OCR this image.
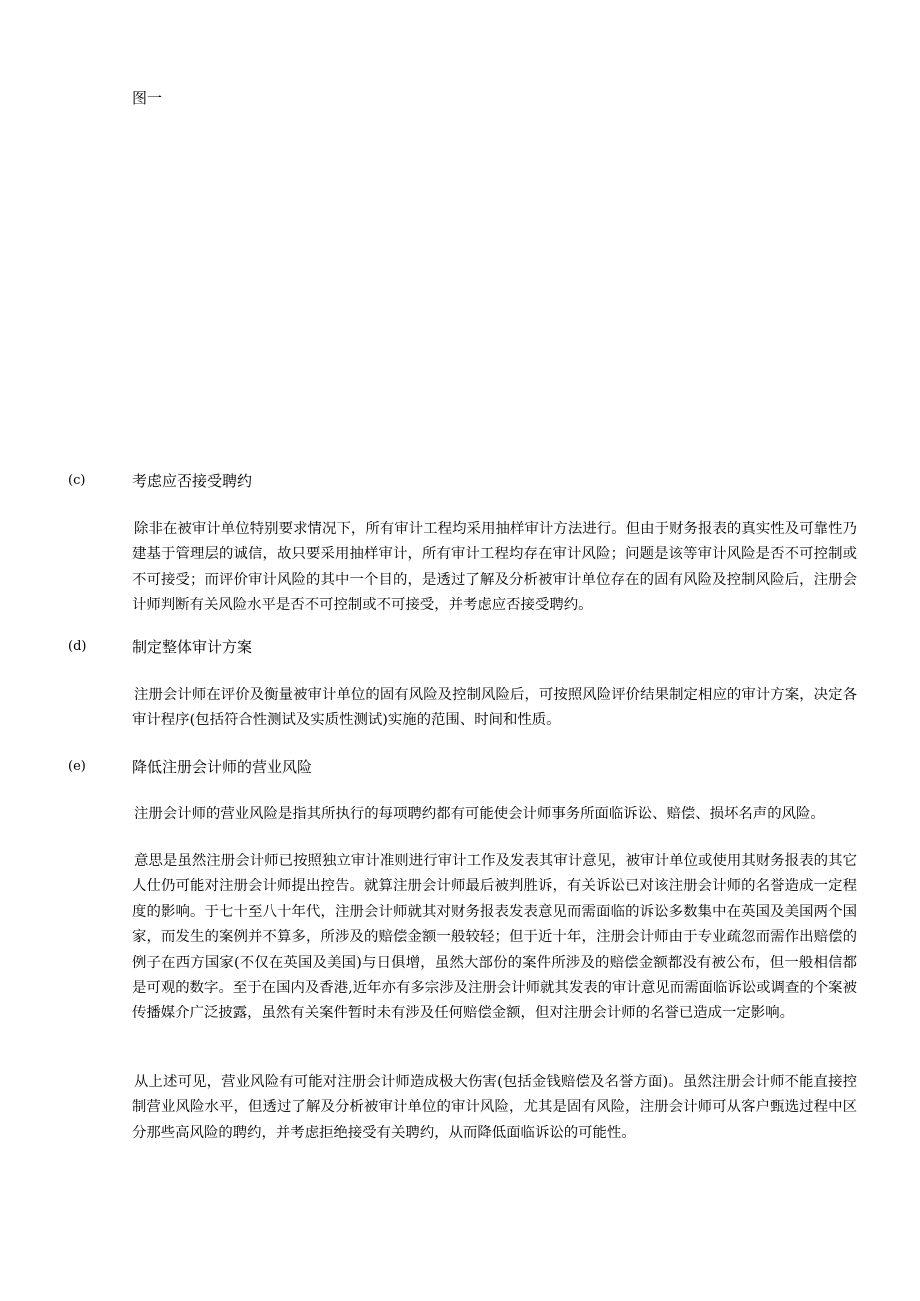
图一
(c)	考虑应否接受聘约

除非在被审计单位特别要求情况下，所有审计工程均采用抽样审计方法进行。但由于财务报表的真实性及可靠性乃建基于管理层的诚信，故只要采用抽样审计，所有审计工程均存在审计风险；问题是该等审计风险是否不可控制或不可接受；而评价审计风险的其中一个目的，是透过了解及分析被审计单位存在的固有风险及控制风险后，注册会计师判断有关风险水平是否不可控制或不可接受，并考虑应否接受聘约。

(d)	制定整体审计方案

注册会计师在评价及衡量被审计单位的固有风险及控制风险后，可按照风险评价结果制定相应的审计方案，决定各审计程序(包括符合性测试及实质性测试)实施的范围、时间和性质。

(e)	降低注册会计师的营业风险

注册会计师的营业风险是指其所执行的每项聘约都有可能使会计师事务所面临诉讼、赔偿、损坏名声的风险。

意思是虽然注册会计师已按照独立审计准则进行审计工作及发表其审计意见，被审计单位或使用其财务报表的其它人仕仍可能对注册会计师提出控告。就算注册会计师最后被判胜诉，有关诉讼已对该注册会计师的名誉造成一定程度的影响。于七十至八十年代，注册会计师就其对财务报表发表意见而需面临的诉讼多数集中在英国及美国两个国家，而发生的案例并不算多，所涉及的赔偿金额一般较轻；但于近十年，注册会计师由于专业疏忽而需作出赔偿的例子在西方国家(不仅在英国及美国)与日俱增，虽然大部份的案件所涉及的赔偿金额都没有被公布，但一般相信都是可观的数字。至于在国内及香港,近年亦有多宗涉及注册会计师就其发表的审计意见而需面临诉讼或调查的个案被传播媒介广泛披露，虽然有关案件暂时未有涉及任何赔偿金额，但对注册会计师的名誉已造成一定影响。

从上述可见，营业风险有可能对注册会计师造成极大伤害(包括金钱赔偿及名誉方面)。虽然注册会计师不能直接控制营业风险水平，但透过了解及分析被审计单位的审计风险，尤其是固有风险，注册会计师可从客户甄选过程中区分那些高风险的聘约，并考虑拒绝接受有关聘约，从而降低面临诉讼的可能性。
